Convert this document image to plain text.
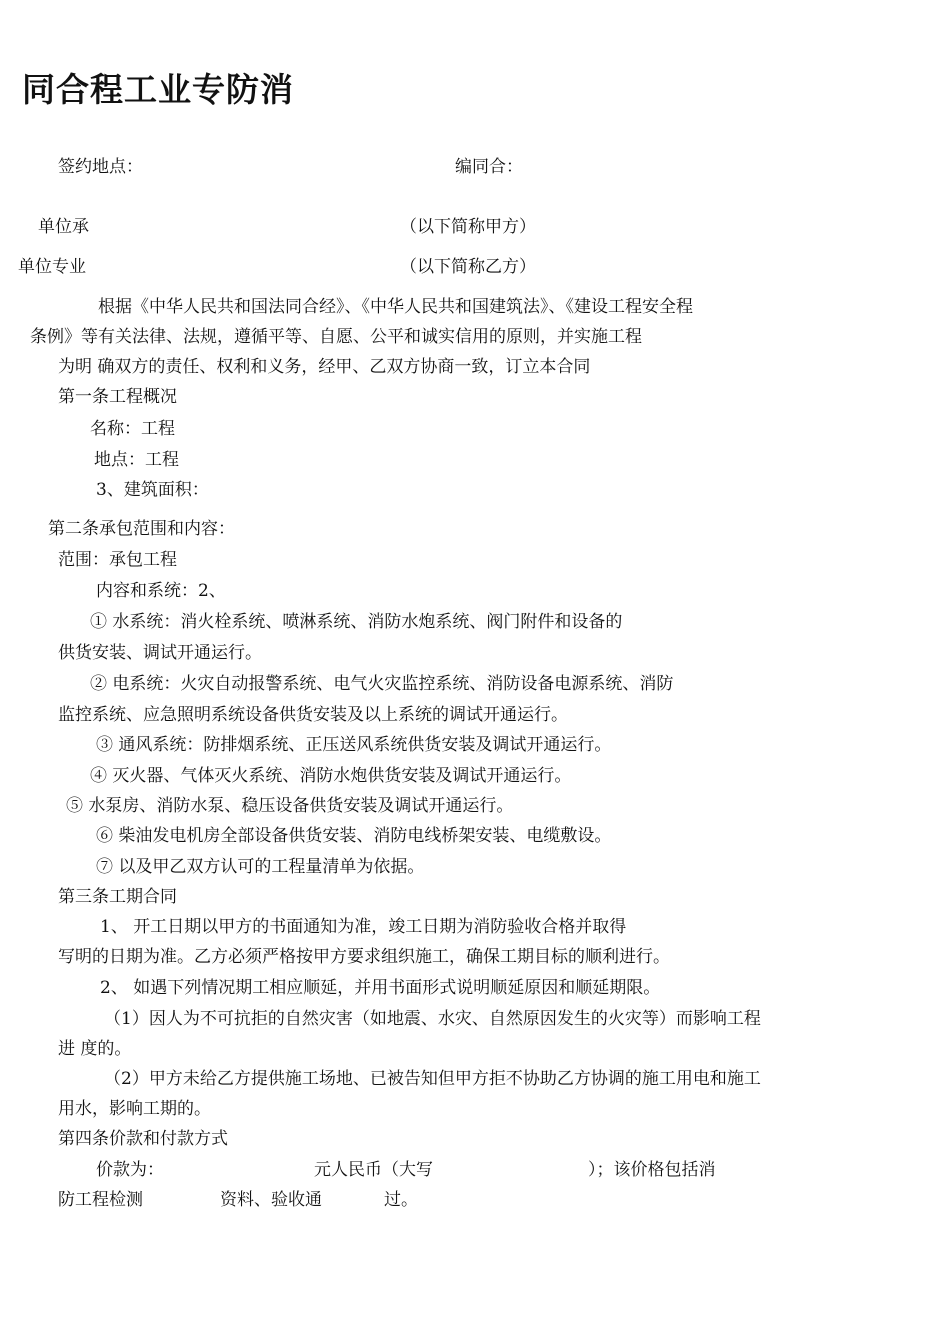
同合程工业专防消
签约地点：	编同合：
单位承	（以下简称甲方）
单位专业	（以下简称乙方）
根据《中华人民共和国法同合经》、《中华人民共和国建筑法》、《建设工程安全程
条例》等有关法律、法规，遵循平等、自愿、公平和诚实信用的原则，并实施工程
为明 确双方的责任、权利和义务，经甲、乙双方协商一致，订立本合同
第一条工程概况
名称：工程
地点：工程
3、建筑面积：
第二条承包范围和内容：
范围：承包工程
内容和系统：2、
① 水系统：消火栓系统、喷淋系统、消防水炮系统、阀门附件和设备的
供货安装、调试开通运行。
② 电系统：火灾自动报警系统、电气火灾监控系统、消防设备电源系统、消防
监控系统、应急照明系统设备供货安装及以上系统的调试开通运行。
③ 通风系统：防排烟系统、正压送风系统供货安装及调试开通运行。
④ 灭火器、气体灭火系统、消防水炮供货安装及调试开通运行。
⑤ 水泵房、消防水泵、稳压设备供货安装及调试开通运行。
⑥ 柴油发电机房全部设备供货安装、消防电线桥架安装、电缆敷设。
⑦ 以及甲乙双方认可的工程量清单为依据。
第三条工期合同
1、 开工日期以甲方的书面通知为准，竣工日期为消防验收合格并取得
写明的日期为准。乙方必须严格按甲方要求组织施工，确保工期目标的顺利进行。
2、 如遇下列情况期工相应顺延，并用书面形式说明顺延原因和顺延期限。
（1）因人为不可抗拒的自然灾害（如地震、水灾、自然原因发生的火灾等）而影响工程
进 度的。
（2）甲方未给乙方提供施工场地、已被告知但甲方拒不协助乙方协调的施工用电和施工
用水，影响工期的。
第四条价款和付款方式
价款为：	元人民币（大写	）；该价格包括消
防工程检测	资料、验收通	过。
